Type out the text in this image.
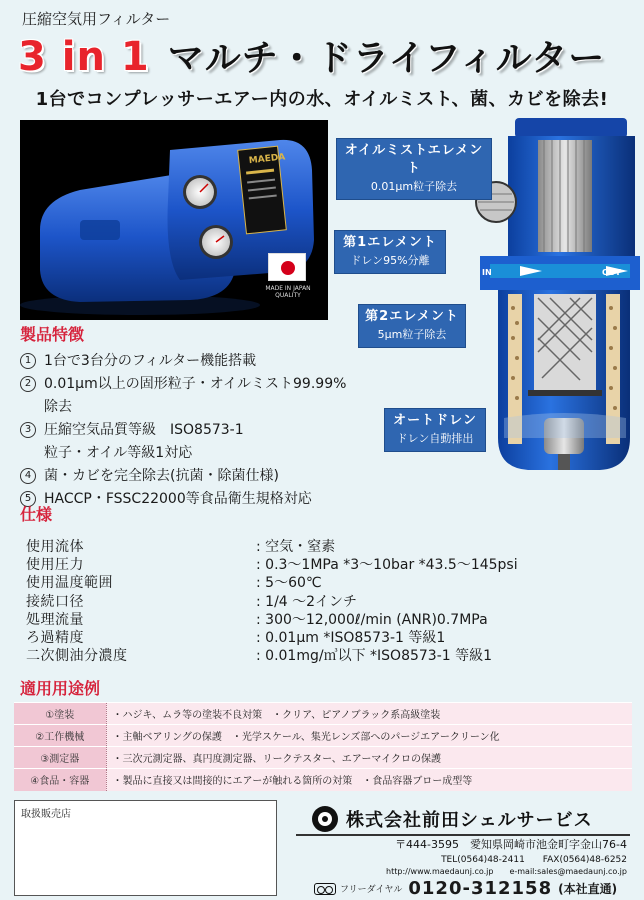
圧縮空気用フィルター
3 in 1 マルチ・ドライフィルター
1台でコンプレッサーエアー内の水、オイルミスト、菌、カビを除去!
MAEDA
MADE IN JAPAN
QUALITY
IN	OUT
オイルミストエレメント
0.01μm粒子除去
第1エレメント
ドレン95%分離
第2エレメント
5μm粒子除去
オートドレン
ドレン自動排出
製品特徴
1 1台で3台分のフィルター機能搭載
2 0.01μm以上の固形粒子・オイルミスト99.99%除去
3 圧縮空気品質等級　ISO8573-1
粒子・オイル等級1対応
4 菌・カビを完全除去(抗菌・除菌仕様)
5 HACCP・FSSC22000等食品衛生規格対応
仕様
使用流体	: 空気・窒素
使用圧力	: 0.3〜1MPa *3〜10bar *43.5〜145psi
使用温度範囲	: 5〜60℃
接続口径	: 1/4 〜2インチ
処理流量	: 300〜12,000ℓ/min (ANR)0.7MPa
ろ過精度	: 0.01μm *ISO8573-1 等級1
二次側油分濃度	: 0.01mg/㎥以下 *ISO8573-1 等級1
適用用途例
①塗装	・ハジキ、ムラ等の塗装不良対策　・クリア、ピアノブラック系高級塗装
②工作機械	・主軸ベアリングの保護　・光学スケール、集光レンズ部へのパージエアークリーン化
③測定器	・三次元測定器、真円度測定器、リークテスター、エアーマイクロの保護
④食品・容器	・製品に直接又は間接的にエアーが触れる箇所の対策　・食品容器ブロー成型等
取扱販売店	株式会社前田シェルサービス
〒444-3595　愛知県岡崎市池金町字金山76-4
TEL(0564)48-2411　　FAX(0564)48-6252
http://www.maedaunj.co.jp　　e-mail:sales@maedaunj.co.jp
フリーダイヤル 0120-312158 (本社直通)
